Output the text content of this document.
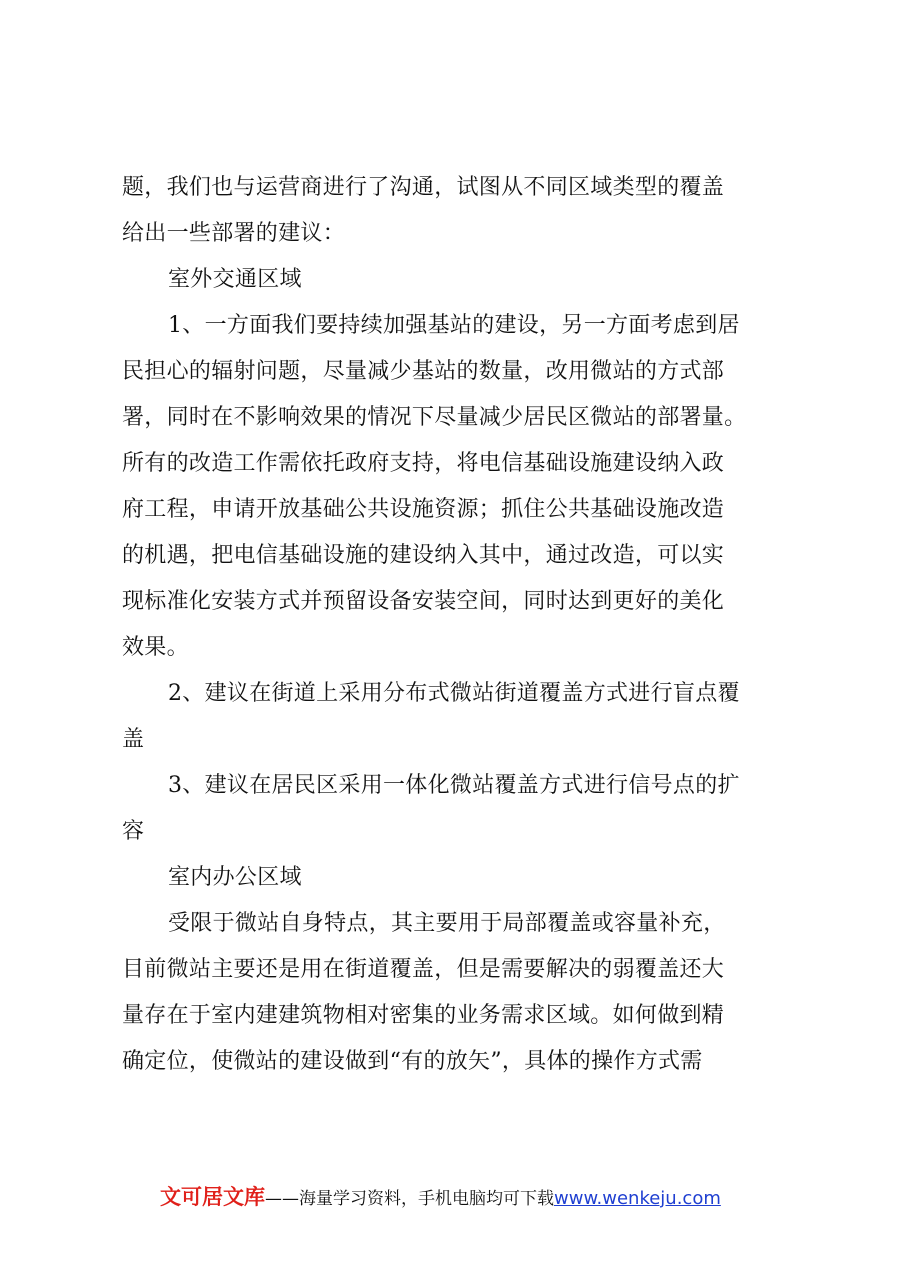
题，我们也与运营商进行了沟通，试图从不同区域类型的覆盖
给出一些部署的建议：
室外交通区域
1、一方面我们要持续加强基站的建设，另一方面考虑到居
民担心的辐射问题，尽量减少基站的数量，改用微站的方式部
署，同时在不影响效果的情况下尽量减少居民区微站的部署量。
所有的改造工作需依托政府支持，将电信基础设施建设纳入政
府工程，申请开放基础公共设施资源；抓住公共基础设施改造
的机遇，把电信基础设施的建设纳入其中，通过改造，可以实
现标准化安装方式并预留设备安装空间，同时达到更好的美化
效果。
2、建议在街道上采用分布式微站街道覆盖方式进行盲点覆
盖
3、建议在居民区采用一体化微站覆盖方式进行信号点的扩
容
室内办公区域
受限于微站自身特点，其主要用于局部覆盖或容量补充，
目前微站主要还是用在街道覆盖，但是需要解决的弱覆盖还大
量存在于室内建建筑物相对密集的业务需求区域。如何做到精
确定位，使微站的建设做到“有的放矢”，具体的操作方式需
文可居文库——海量学习资料，手机电脑均可下载www.wenkeju.com
